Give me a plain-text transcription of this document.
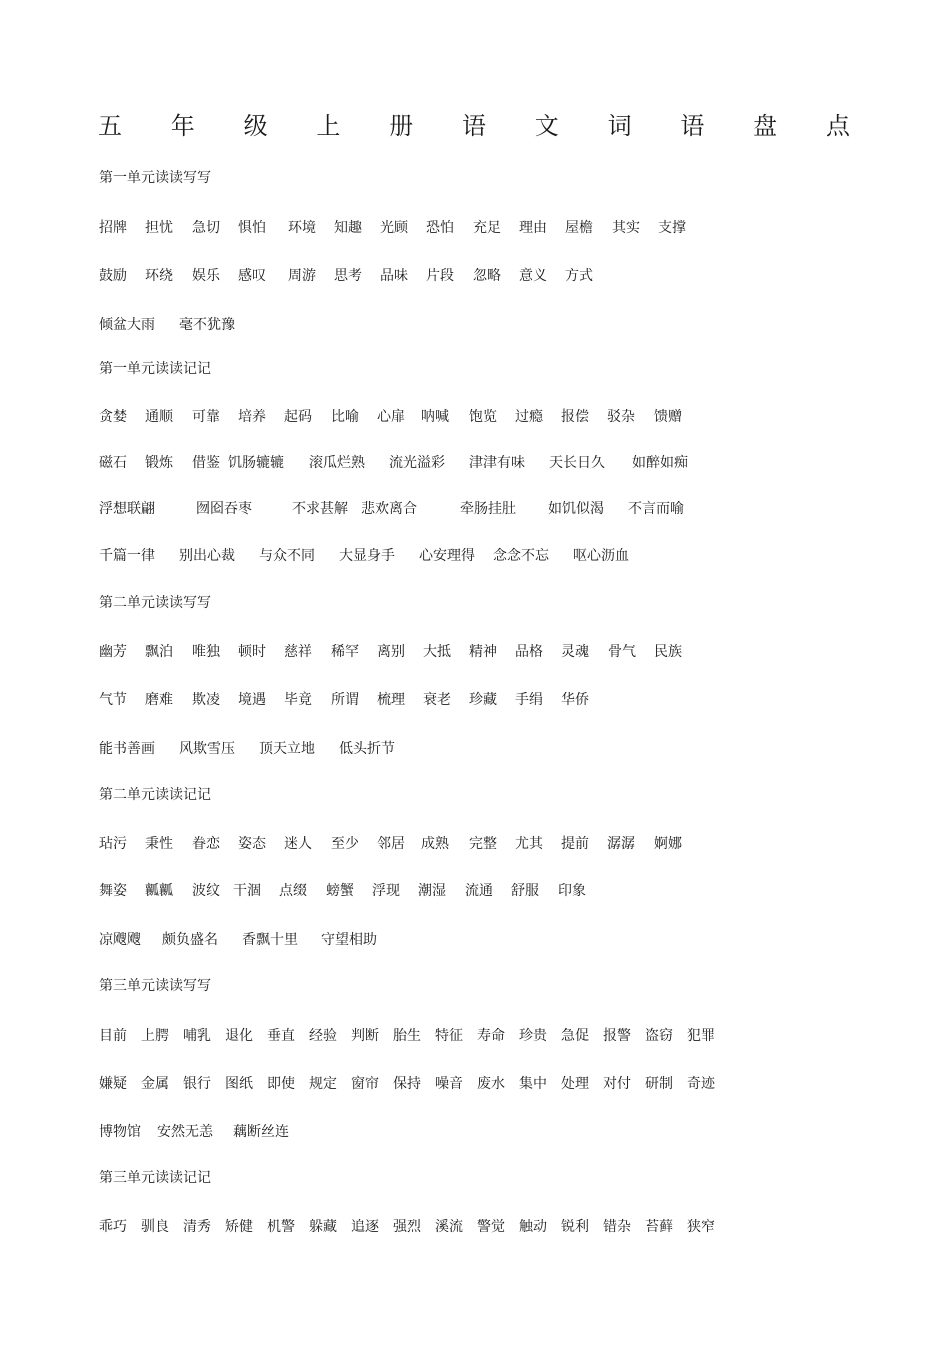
五 年 级 上 册 语 文 词 语 盘 点
第一单元读读写写
招牌 担忧 急切 惧怕 环境 知趣 光顾 恐怕 充足 理由 屋檐 其实 支撑
鼓励 环绕 娱乐 感叹 周游 思考 品味 片段 忽略 意义 方式
倾盆大雨 毫不犹豫
第一单元读读记记
贪婪 通顺 可靠 培养 起码 比喻 心扉 呐喊 饱览 过瘾 报偿 驳杂 馈赠
磁石 锻炼 借鉴 饥肠辘辘 滚瓜烂熟 流光溢彩 津津有味 天长日久 如醉如痴
浮想联翩	囫囵吞枣	不求甚解 悲欢离合	牵肠挂肚 如饥似渴 不言而喻
千篇一律 别出心裁 与众不同 大显身手 心安理得 念念不忘 呕心沥血
第二单元读读写写
幽芳 飘泊 唯独 顿时 慈祥 稀罕 离别 大抵 精神 品格 灵魂 骨气 民族
气节 磨难 欺凌 境遇 毕竟 所谓 梳理 衰老 珍藏 手绢 华侨
能书善画 风欺雪压 顶天立地 低头折节
第二单元读读记记
玷污 秉性 眷恋 姿态 迷人 至少 邻居 成熟 完整 尤其 提前 潺潺 婀娜
舞姿 瓤瓤 波纹 干涸 点缀 螃蟹 浮现 潮湿 流通 舒服 印象
凉飕飕 颇负盛名 香飘十里 守望相助
第三单元读读写写
目前 上腭 哺乳 退化 垂直 经验 判断 胎生 特征 寿命 珍贵 急促 报警 盗窃 犯罪
嫌疑 金属 银行 图纸 即使 规定 窗帘 保持 噪音 废水 集中 处理 对付 研制 奇迹
博物馆 安然无恙 藕断丝连
第三单元读读记记
乖巧 驯良 清秀 矫健 机警 躲藏 追逐 强烈 溪流 警觉 触动 锐利 错杂 苔藓 狭窄
